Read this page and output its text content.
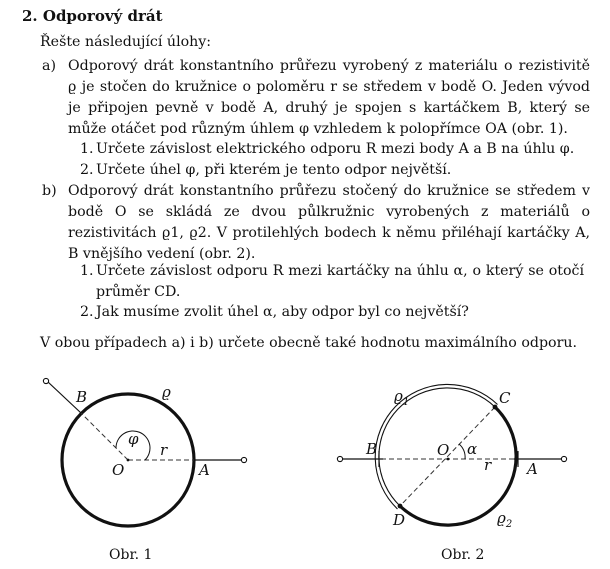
2. Odporový drát
Řešte následující úlohy:
a) Odporový drát konstantního průřezu vyrobený z materiálu o rezistivitě ϱ je stočen do kružnice o poloměru r se středem v bodě O. Jeden vývod je připojen pevně v bodě A, druhý je spojen s kartáčkem B, který se může otáčet pod různým úhlem φ vzhledem k polopřímce OA (obr. 1).
1. Určete závislost elektrického odporu R mezi body A a B na úhlu φ.
2. Určete úhel φ, při kterém je tento odpor největší.
b) Odporový drát konstantního průřezu stočený do kružnice se středem v bodě O se skládá ze dvou půlkružnic vyrobených z materiálů o rezistivitách ϱ1, ϱ2. V protilehlých bodech k němu přiléhají kartáčky A, B vnějšího vedení (obr. 2).
1. Určete závislost odporu R mezi kartáčky na úhlu α, o který se otočí průměr CD.
2. Jak musíme zvolit úhel α, aby odpor byl co největší?
V obou případech a) i b) určete obecně také hodnotu maximálního odporu.
B	ϱ
φ
O
r
A
Obr. 1
$ϱ_1$	C
B	O α
r A
D	$ϱ_2$
Obr. 2
